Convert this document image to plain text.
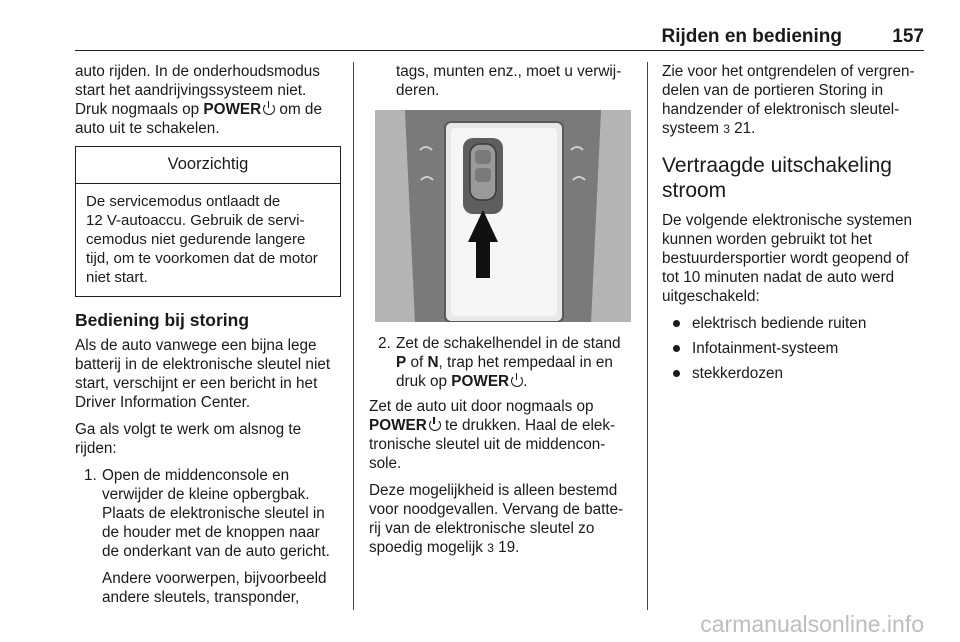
Rijden en bediening	157

auto rijden. In de onderhoudsmodus
start het aandrijvingssysteem niet.
Druk nogmaals op POWER om de
auto uit te schakelen.

Voorzichtig
De servicemodus ontlaadt de
12 V-autoaccu. Gebruik de servi-
cemodus niet gedurende langere
tijd, om te voorkomen dat de motor
niet start.
Bediening bij storing

Als de auto vanwege een bijna lege
batterij in de elektronische sleutel niet
start, verschijnt er een bericht in het
Driver Information Center.

Ga als volgt te werk om alsnog te
rijden:

1. Open de middenconsole en
verwijder de kleine opbergbak.
Plaats de elektronische sleutel in
de houder met de knoppen naar
de onderkant van de auto gericht.
Andere voorwerpen, bijvoorbeeld
andere sleutels, transponder,
tags, munten enz., moet u verwij-
deren.
2. Zet de schakelhendel in de stand
P of N, trap het rempedaal in en
druk op POWER .

Zet de auto uit door nogmaals op
POWER te drukken. Haal de elek-
tronische sleutel uit de middencon-
sole.

Deze mogelijkheid is alleen bestemd
voor noodgevallen. Vervang de batte-
rij van de elektronische sleutel zo
spoedig mogelijk 3 19.

Zie voor het ontgrendelen of vergren-
delen van de portieren Storing in
handzender of elektronisch sleutel-
systeem 3 21.

Vertraagde uitschakeling
stroom

De volgende elektronische systemen
kunnen worden gebruikt tot het
bestuurdersportier wordt geopend of
tot 10 minuten nadat de auto werd
uitgeschakeld:

elektrisch bediende ruiten
Infotainment-systeem
stekkerdozen
carmanualsonline.info
